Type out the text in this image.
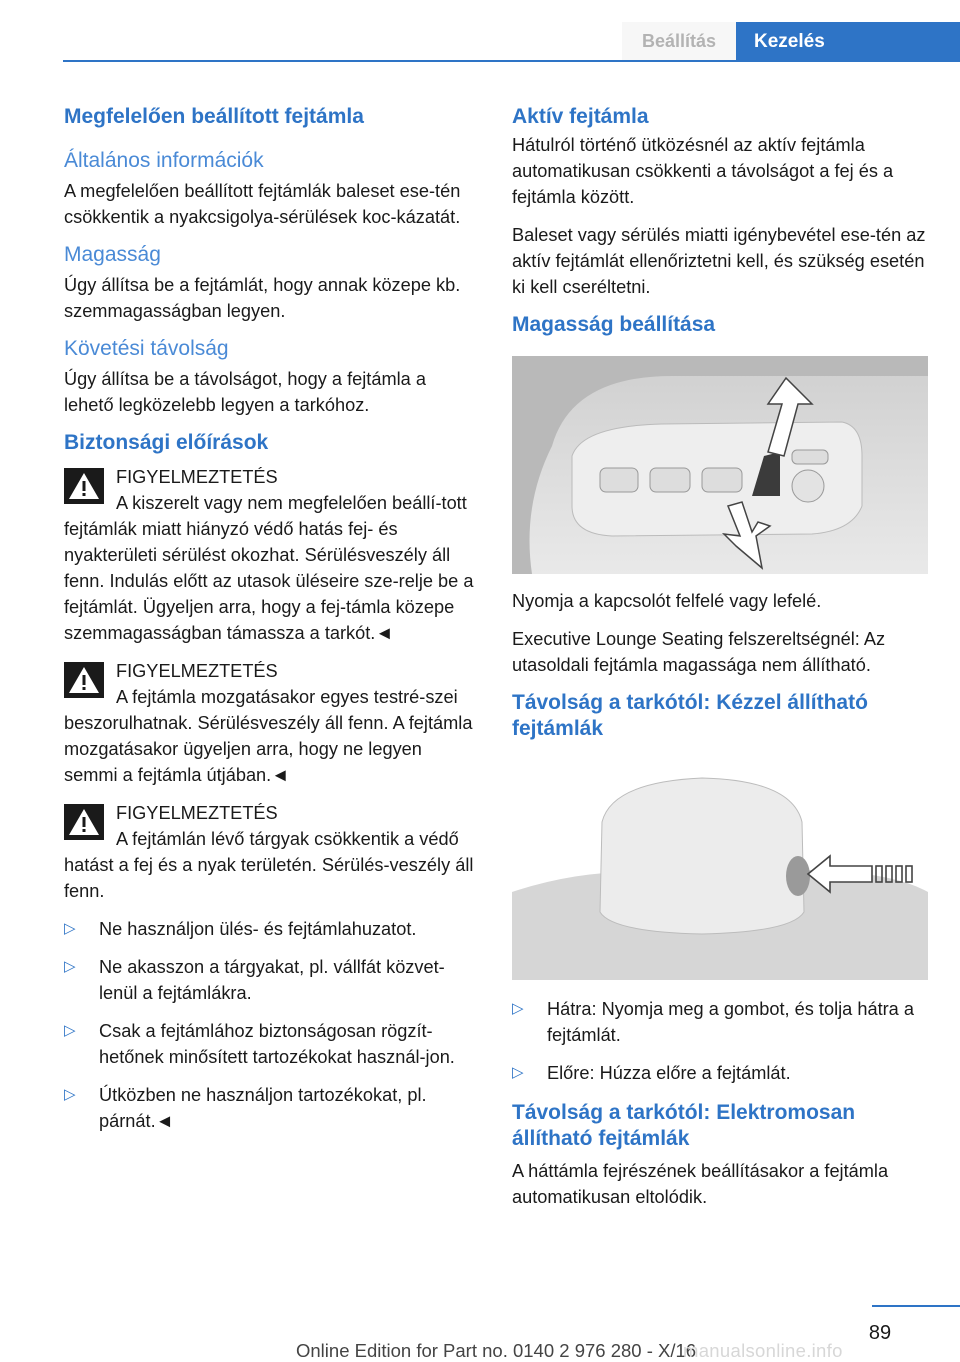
Beállítás	Kezelés
Megfelelően beállított fejtámla
Általános információk

A megfelelően beállított fejtámlák baleset ese-tén csökkentik a nyakcsigolya-sérülések koc-kázatát.

Magasság

Úgy állítsa be a fejtámlát, hogy annak közepe kb. szemmagasságban legyen.

Követési távolság

Úgy állítsa be a távolságot, hogy a fejtámla a lehető legközelebb legyen a tarkóhoz.

Biztonsági előírások
FIGYELMEZTETÉS
A kiszerelt vagy nem megfelelően beállí-tott fejtámlák miatt hiányzó védő hatás fej- és nyakterületi sérülést okozhat. Sérülésveszély áll fenn. Indulás előtt az utasok üléseire sze-relje be a fejtámlát. Ügyeljen arra, hogy a fej-támla közepe szemmagasságban támassza a tarkót.◄
FIGYELMEZTETÉS
A fejtámla mozgatásakor egyes testré-szei beszorulhatnak. Sérülésveszély áll fenn. A fejtámla mozgatásakor ügyeljen arra, hogy ne legyen semmi a fejtámla útjában.◄
FIGYELMEZTETÉS
A fejtámlán lévő tárgyak csökkentik a védő hatást a fej és a nyak területén. Sérülés-veszély áll fenn.
▷	Ne használjon ülés- és fejtámlahuzatot.
▷	Ne akasszon a tárgyakat, pl. vállfát közvet-lenül a fejtámlákra.
▷	Csak a fejtámlához biztonságosan rögzít-hetőnek minősített tartozékokat használ-jon.
▷	Útközben ne használjon tartozékokat, pl. párnát.◄
Aktív fejtámla

Hátulról történő ütközésnél az aktív fejtámla automatikusan csökkenti a távolságot a fej és a fejtámla között.

Baleset vagy sérülés miatti igénybevétel ese-tén az aktív fejtámlát ellenőriztetni kell, és szükség esetén ki kell cseréltetni.

Magasság beállítása

Nyomja a kapcsolót felfelé vagy lefelé.

Executive Lounge Seating felszereltségnél: Az utasoldali fejtámla magassága nem állítható.

Távolság a tarkótól: Kézzel állítható fejtámlák
▷	Hátra: Nyomja meg a gombot, és tolja hátra a fejtámlát.
▷	Előre: Húzza előre a fejtámlát.
Távolság a tarkótól: Elektromosan állítható fejtámlák

A háttámla fejrészének beállításakor a fejtámla automatikusan eltolódik.

89
Online Edition for Part no. 0140 2 976 280 - X/16
manualsonline.info
